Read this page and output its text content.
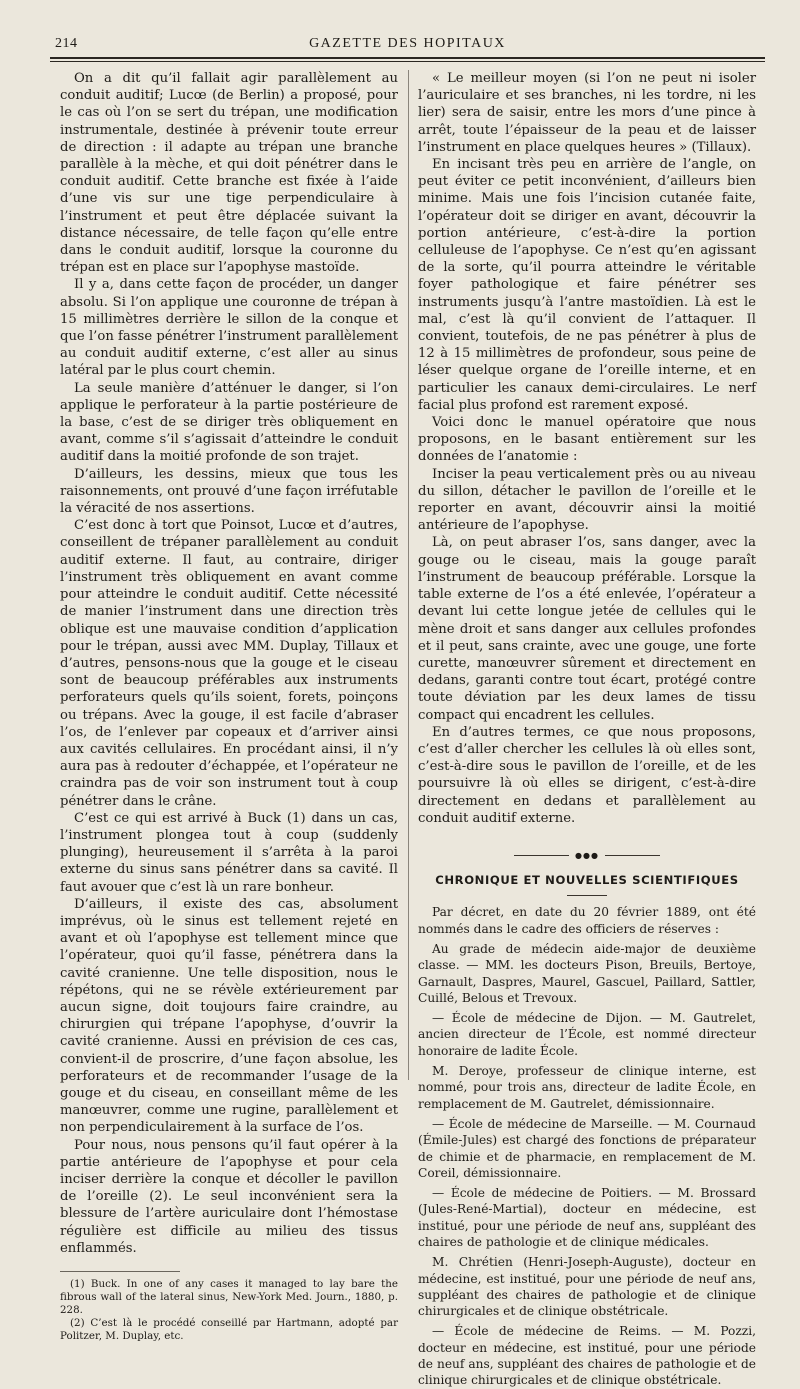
214	GAZETTE DES HOPITAUX

On a dit qu’il fallait agir parallèlement au conduit auditif; Lucœ (de Berlin) a proposé, pour le cas où l’on se sert du trépan, une modification instrumentale, destinée à prévenir toute erreur de direction : il adapte au trépan une branche parallèle à la mèche, et qui doit pénétrer dans le conduit auditif. Cette branche est fixée à l’aide d’une vis sur une tige perpendiculaire à l’instrument et peut être déplacée suivant la distance nécessaire, de telle façon qu’elle entre dans le conduit auditif, lorsque la couronne du trépan est en place sur l’apophyse mastoïde.

Il y a, dans cette façon de procéder, un danger absolu. Si l’on applique une couronne de trépan à 15 millimètres derrière le sillon de la conque et que l’on fasse pénétrer l’instrument parallèlement au conduit auditif externe, c’est aller au sinus latéral par le plus court chemin.

La seule manière d’atténuer le danger, si l’on applique le perforateur à la partie postérieure de la base, c’est de se diriger très obliquement en avant, comme s’il s’agissait d’atteindre le conduit auditif dans la moitié profonde de son trajet.

D’ailleurs, les dessins, mieux que tous les raisonnements, ont prouvé d’une façon irréfutable la véracité de nos assertions.

C’est donc à tort que Poinsot, Lucœ et d’autres, conseillent de trépaner parallèlement au conduit auditif externe. Il faut, au contraire, diriger l’instrument très obliquement en avant comme pour atteindre le conduit auditif. Cette nécessité de manier l’instrument dans une direction très oblique est une mauvaise condition d’application pour le trépan, aussi avec MM. Duplay, Tillaux et d’autres, pensons-nous que la gouge et le ciseau sont de beaucoup préférables aux instruments perforateurs quels qu’ils soient, forets, poinçons ou trépans. Avec la gouge, il est facile d’abraser l’os, de l’enlever par copeaux et d’arriver ainsi aux cavités cellulaires. En procédant ainsi, il n’y aura pas à redouter d’échappée, et l’opérateur ne craindra pas de voir son instrument tout à coup pénétrer dans le crâne.

C’est ce qui est arrivé à Buck (1) dans un cas, l’instrument plongea tout à coup (suddenly plunging), heureusement il s’arrêta à la paroi externe du sinus sans pénétrer dans sa cavité. Il faut avouer que c’est là un rare bonheur.

D’ailleurs, il existe des cas, absolument imprévus, où le sinus est tellement rejeté en avant et où l’apophyse est tellement mince que l’opérateur, quoi qu’il fasse, pénétrera dans la cavité cranienne. Une telle disposition, nous le répétons, qui ne se révèle extérieurement par aucun signe, doit toujours faire craindre, au chirurgien qui trépane l’apophyse, d’ouvrir la cavité cranienne. Aussi en prévision de ces cas, convient-il de proscrire, d’une façon absolue, les perforateurs et de recommander l’usage de la gouge et du ciseau, en conseillant même de les manœuvrer, comme une rugine, parallèlement et non perpendiculairement à la surface de l’os.

Pour nous, nous pensons qu’il faut opérer à la partie antérieure de l’apophyse et pour cela inciser derrière la conque et décoller le pavillon de l’oreille (2). Le seul inconvénient sera la blessure de l’artère auriculaire dont l’hémostase régulière est difficile au milieu des tissus enflammés.

(1) Buck. In one of any cases it managed to lay bare the fibrous wall of the lateral sinus, New-York Med. Journ., 1880, p. 228.

(2) C’est là le procédé conseillé par Hartmann, adopté par Politzer, M. Duplay, etc.

« Le meilleur moyen (si l’on ne peut ni isoler l’auriculaire et ses branches, ni les tordre, ni les lier) sera de saisir, entre les mors d’une pince à arrêt, toute l’épaisseur de la peau et de laisser l’instrument en place quelques heures » (Tillaux).

En incisant très peu en arrière de l’angle, on peut éviter ce petit inconvénient, d’ailleurs bien minime. Mais une fois l’incision cutanée faite, l’opérateur doit se diriger en avant, découvrir la portion antérieure, c’est-à-dire la portion celluleuse de l’apophyse. Ce n’est qu’en agissant de la sorte, qu’il pourra atteindre le véritable foyer pathologique et faire pénétrer ses instruments jusqu’à l’antre mastoïdien. Là est le mal, c’est là qu’il convient de l’attaquer. Il convient, toutefois, de ne pas pénétrer à plus de 12 à 15 millimètres de profondeur, sous peine de léser quelque organe de l’oreille interne, et en particulier les canaux demi-circulaires. Le nerf facial plus profond est rarement exposé.

Voici donc le manuel opératoire que nous proposons, en le basant entièrement sur les données de l’anatomie :

Inciser la peau verticalement près ou au niveau du sillon, détacher le pavillon de l’oreille et le reporter en avant, découvrir ainsi la moitié antérieure de l’apophyse.

Là, on peut abraser l’os, sans danger, avec la gouge ou le ciseau, mais la gouge paraît l’instrument de beaucoup préférable. Lorsque la table externe de l’os a été enlevée, l’opérateur a devant lui cette longue jetée de cellules qui le mène droit et sans danger aux cellules profondes et il peut, sans crainte, avec une gouge, une forte curette, manœuvrer sûrement et directement en dedans, garanti contre tout écart, protégé contre toute déviation par les deux lames de tissu compact qui encadrent les cellules.

En d’autres termes, ce que nous proposons, c’est d’aller chercher les cellules là où elles sont, c’est-à-dire sous le pavillon de l’oreille, et de les poursuivre là où elles se dirigent, c’est-à-dire directement en dedans et parallèlement au conduit auditif externe.

●●●
CHRONIQUE ET NOUVELLES SCIENTIFIQUES

Par décret, en date du 20 février 1889, ont été nommés dans le cadre des officiers de réserves :

Au grade de médecin aide-major de deuxième classe. — MM. les docteurs Pison, Breuils, Bertoye, Garnault, Daspres, Maurel, Gascuel, Paillard, Sattler, Cuillé, Belous et Trevoux.

— École de médecine de Dijon. — M. Gautrelet, ancien directeur de l’École, est nommé directeur honoraire de ladite École.

M. Deroye, professeur de clinique interne, est nommé, pour trois ans, directeur de ladite École, en remplacement de M. Gautrelet, démissionnaire.

— École de médecine de Marseille. — M. Cournaud (Émile-Jules) est chargé des fonctions de préparateur de chimie et de pharmacie, en remplacement de M. Coreil, démissionnaire.

— École de médecine de Poitiers. — M. Brossard (Jules-René-Martial), docteur en médecine, est institué, pour une période de neuf ans, suppléant des chaires de pathologie et de clinique médicales.

M. Chrétien (Henri-Joseph-Auguste), docteur en médecine, est institué, pour une période de neuf ans, suppléant des chaires de pathologie et de clinique chirurgicales et de clinique obstétricale.

— École de médecine de Reims. — M. Pozzi, docteur en médecine, est institué, pour une période de neuf ans, suppléant des chaires de pathologie et de clinique chirurgicales et de clinique obstétricale.
